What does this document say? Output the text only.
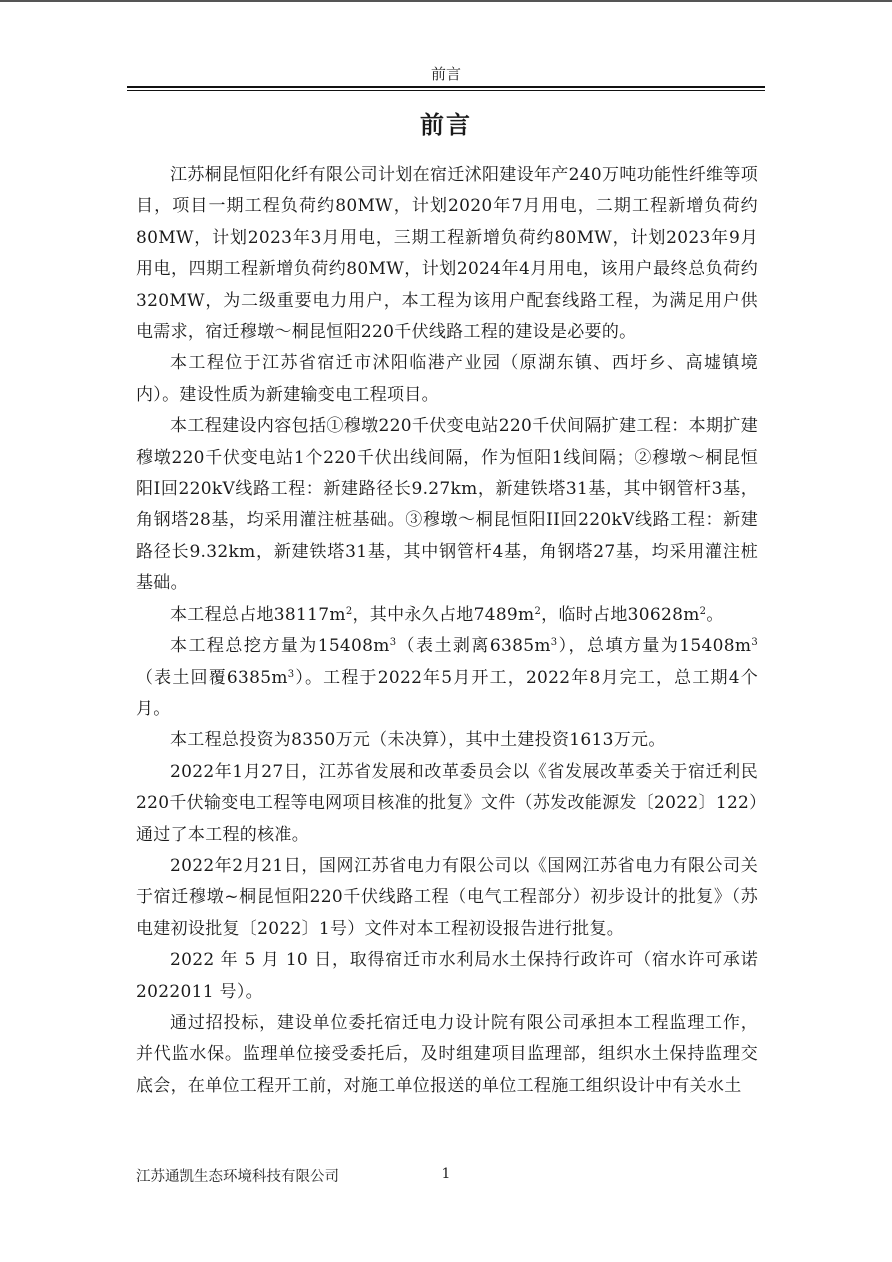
前言
前言

江苏桐昆恒阳化纤有限公司计划在宿迁沭阳建设年产240万吨功能性纤维等项目，项目一期工程负荷约80MW，计划2020年7月用电，二期工程新增负荷约80MW，计划2023年3月用电，三期工程新增负荷约80MW，计划2023年9月用电，四期工程新增负荷约80MW，计划2024年4月用电，该用户最终总负荷约320MW，为二级重要电力用户，本工程为该用户配套线路工程，为满足用户供电需求，宿迁穆墩～桐昆恒阳220千伏线路工程的建设是必要的。

本工程位于江苏省宿迁市沭阳临港产业园（原湖东镇、西圩乡、高墟镇境内）。建设性质为新建输变电工程项目。

本工程建设内容包括①穆墩220千伏变电站220千伏间隔扩建工程：本期扩建穆墩220千伏变电站1个220千伏出线间隔，作为恒阳1线间隔；②穆墩～桐昆恒阳I回220kV线路工程：新建路径长9.27km，新建铁塔31基，其中钢管杆3基，角钢塔28基，均采用灌注桩基础。③穆墩～桐昆恒阳II回220kV线路工程：新建路径长9.32km，新建铁塔31基，其中钢管杆4基，角钢塔27基，均采用灌注桩基础。

本工程总占地$38117m^2$，其中永久占地$7489m^2$，临时占地$30628m^2$。

本工程总挖方量为$15408m^3$（表土剥离$6385m^3$），总填方量为$15408m^3$（表土回覆$6385m^3$）。工程于2022年5月开工，2022年8月完工，总工期4个月。

本工程总投资为8350万元（未决算），其中土建投资1613万元。

2022年1月27日，江苏省发展和改革委员会以《省发展改革委关于宿迁利民220千伏输变电工程等电网项目核准的批复》文件（苏发改能源发〔2022〕122）通过了本工程的核准。

2022年2月21日，国网江苏省电力有限公司以《国网江苏省电力有限公司关于宿迁穆墩~桐昆恒阳220千伏线路工程（电气工程部分）初步设计的批复》（苏电建初设批复〔2022〕1号）文件对本工程初设报告进行批复。

2022 年 5 月 10 日，取得宿迁市水利局水土保持行政许可（宿水许可承诺2022011 号）。

通过招投标，建设单位委托宿迁电力设计院有限公司承担本工程监理工作，并代监水保。监理单位接受委托后，及时组建项目监理部，组织水土保持监理交底会，在单位工程开工前，对施工单位报送的单位工程施工组织设计中有关水土

江苏通凯生态环境科技有限公司	1
